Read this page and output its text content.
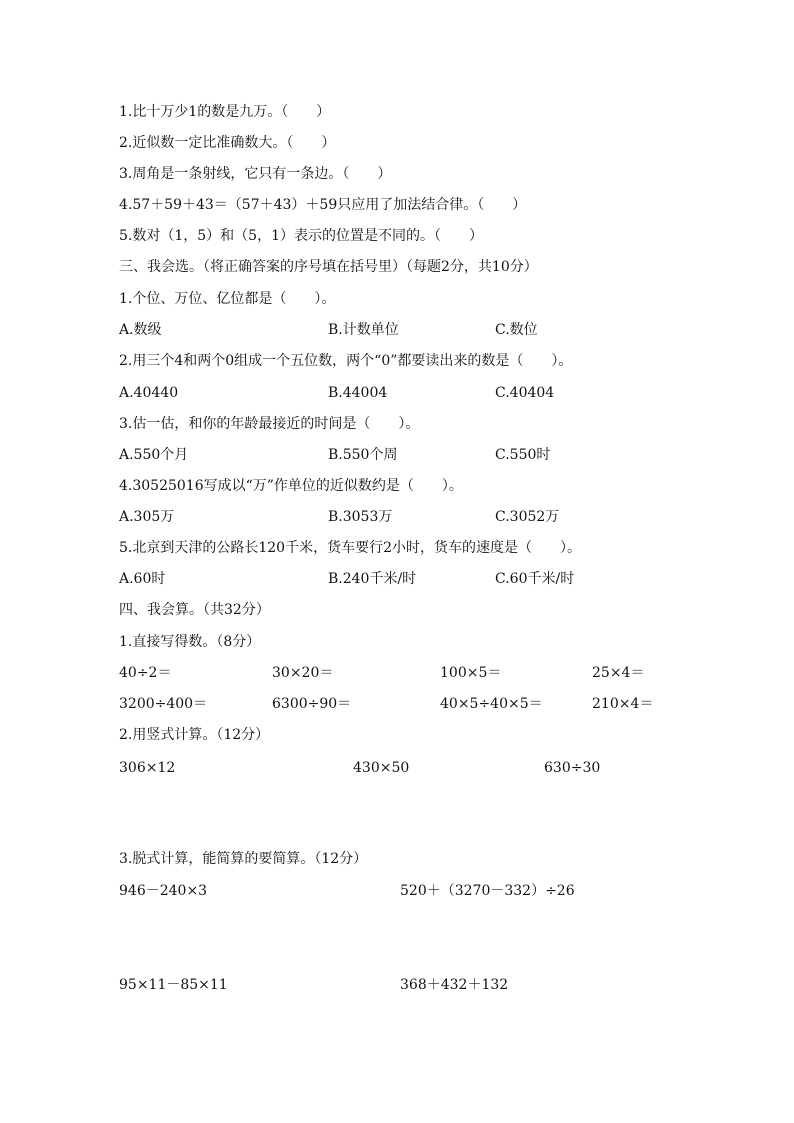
1.比十万少1的数是九万。（　　）
2.近似数一定比准确数大。（　　）
3.周角是一条射线，它只有一条边。（　　）
4.57＋59＋43＝（57＋43）＋59只应用了加法结合律。（　　）
5.数对（1，5）和（5，1）表示的位置是不同的。（　　）
三、我会选。（将正确答案的序号填在括号里）（每题2分，共10分）
1.个位、万位、亿位都是（　　）。
A.数级	B.计数单位	C.数位
2.用三个4和两个0组成一个五位数，两个“0”都要读出来的数是（　　）。
A.40440	B.44004	C.40404
3.估一估，和你的年龄最接近的时间是（　　）。
A.550个月	B.550个周	C.550时
4.30525016写成以“万”作单位的近似数约是（　　）。
A.305万	B.3053万	C.3052万
5.北京到天津的公路长120千米，货车要行2小时，货车的速度是（　　）。
A.60时	B.240千米/时	C.60千米/时
四、我会算。（共32分）
1.直接写得数。（8分）
40÷2＝	30×20＝	100×5＝	25×4＝
3200÷400＝	6300÷90＝	40×5÷40×5＝	210×4＝
2.用竖式计算。（12分）
306×12	430×50	630÷30
3.脱式计算，能简算的要简算。（12分）
946－240×3	520＋（3270－332）÷26
95×11－85×11	368＋432＋132
